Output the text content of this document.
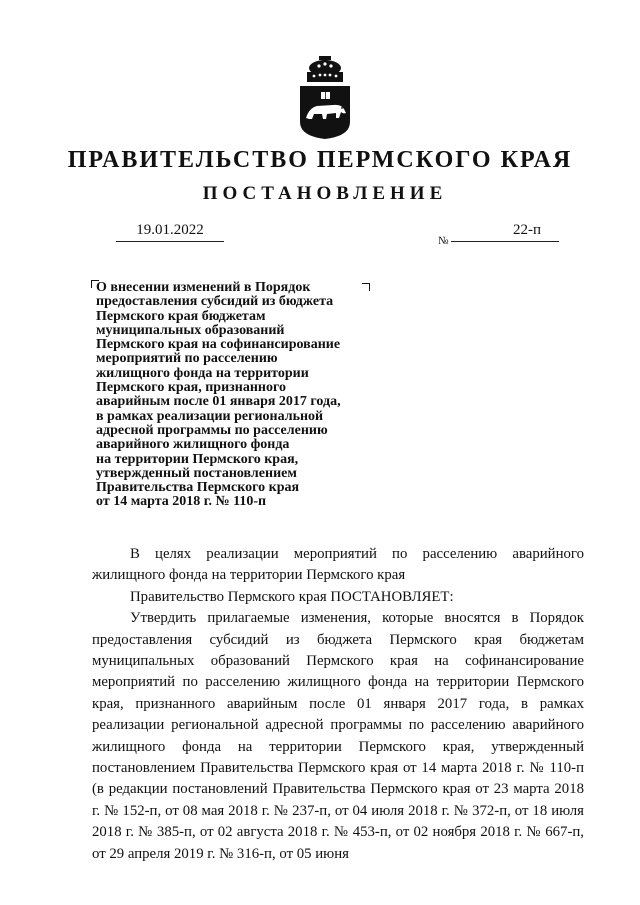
ПРАВИТЕЛЬСТВО ПЕРМСКОГО КРАЯ
ПОСТАНОВЛЕНИЕ
19.01.2022
№
22-п
О внесении изменений в Порядок
предоставления субсидий из бюджета
Пермского края бюджетам
муниципальных образований
Пермского края на софинансирование
мероприятий по расселению
жилищного фонда на территории
Пермского края, признанного
аварийным после 01 января 2017 года,
в рамках реализации региональной
адресной программы по расселению
аварийного жилищного фонда
на территории Пермского края,
утвержденный постановлением
Правительства Пермского края
от 14 марта 2018 г. № 110-п

В целях реализации мероприятий по расселению аварийного жилищного фонда на территории Пермского края

Правительство Пермского края ПОСТАНОВЛЯЕТ:

Утвердить прилагаемые изменения, которые вносятся в Порядок предоставления субсидий из бюджета Пермского края бюджетам муниципальных образований Пермского края на софинансирование мероприятий по расселению жилищного фонда на территории Пермского края, признанного аварийным после 01 января 2017 года, в рамках реализации региональной адресной программы по расселению аварийного жилищного фонда на территории Пермского края, утвержденный постановлением Правительства Пермского края от 14 марта 2018 г. № 110-п (в редакции постановлений Правительства Пермского края от 23 марта 2018 г. № 152-п, от 08 мая 2018 г. № 237-п, от 04 июля 2018 г. № 372-п, от 18 июля 2018 г. № 385-п, от 02 августа 2018 г. № 453-п, от 02 ноября 2018 г. № 667-п, от 29 апреля 2019 г. № 316-п, от 05 июня
